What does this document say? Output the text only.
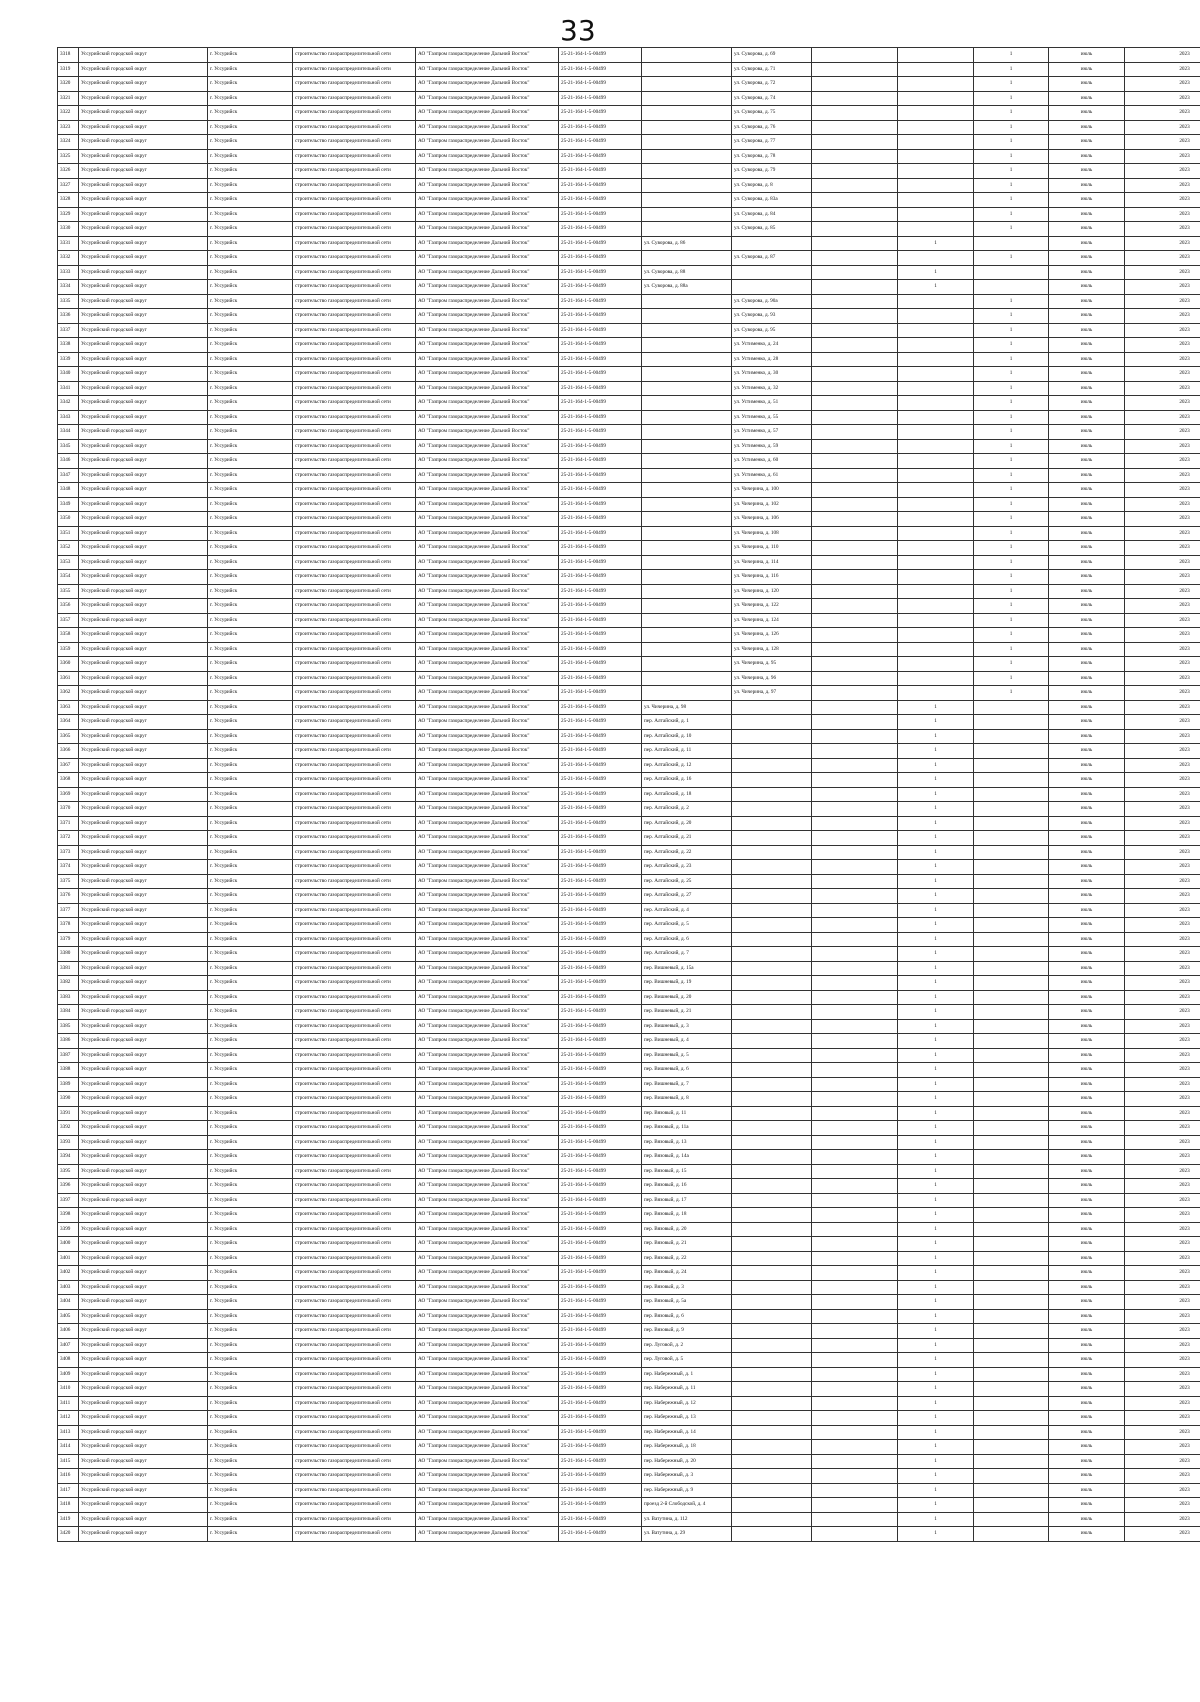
33
3318	Уссурийский городской округ	г. Уссурийск	строительство газораспределительной сети	АО "Газпром газораспределение Дальний Восток"	25-21-164-1-5-00499		ул. Суворова, д. 69			1	июль	2023
3319	Уссурийский городской округ	г. Уссурийск	строительство газораспределительной сети	АО "Газпром газораспределение Дальний Восток"	25-21-164-1-5-00499		ул. Суворова, д. 71			1	июль	2023
3320	Уссурийский городской округ	г. Уссурийск	строительство газораспределительной сети	АО "Газпром газораспределение Дальний Восток"	25-21-164-1-5-00499		ул. Суворова, д. 72			1	июль	2023
3321	Уссурийский городской округ	г. Уссурийск	строительство газораспределительной сети	АО "Газпром газораспределение Дальний Восток"	25-21-164-1-5-00499		ул. Суворова, д. 74			1	июль	2023
3322	Уссурийский городской округ	г. Уссурийск	строительство газораспределительной сети	АО "Газпром газораспределение Дальний Восток"	25-21-164-1-5-00499		ул. Суворова, д. 75			1	июль	2023
3323	Уссурийский городской округ	г. Уссурийск	строительство газораспределительной сети	АО "Газпром газораспределение Дальний Восток"	25-21-164-1-5-00499		ул. Суворова, д. 76			1	июль	2023
3324	Уссурийский городской округ	г. Уссурийск	строительство газораспределительной сети	АО "Газпром газораспределение Дальний Восток"	25-21-164-1-5-00499		ул. Суворова, д. 77			1	июль	2023
3325	Уссурийский городской округ	г. Уссурийск	строительство газораспределительной сети	АО "Газпром газораспределение Дальний Восток"	25-21-164-1-5-00499		ул. Суворова, д. 78			1	июль	2023
3326	Уссурийский городской округ	г. Уссурийск	строительство газораспределительной сети	АО "Газпром газораспределение Дальний Восток"	25-21-164-1-5-00499		ул. Суворова, д. 79			1	июль	2023
3327	Уссурийский городской округ	г. Уссурийск	строительство газораспределительной сети	АО "Газпром газораспределение Дальний Восток"	25-21-164-1-5-00499		ул. Суворова, д. 8			1	июль	2023
3328	Уссурийский городской округ	г. Уссурийск	строительство газораспределительной сети	АО "Газпром газораспределение Дальний Восток"	25-21-164-1-5-00499		ул. Суворова, д. 83а			1	июль	2023
3329	Уссурийский городской округ	г. Уссурийск	строительство газораспределительной сети	АО "Газпром газораспределение Дальний Восток"	25-21-164-1-5-00499		ул. Суворова, д. 84			1	июль	2023
3330	Уссурийский городской округ	г. Уссурийск	строительство газораспределительной сети	АО "Газпром газораспределение Дальний Восток"	25-21-164-1-5-00499		ул. Суворова, д. 85			1	июль	2023
3331	Уссурийский городской округ	г. Уссурийск	строительство газораспределительной сети	АО "Газпром газораспределение Дальний Восток"	25-21-164-1-5-00499	ул. Суворова, д. 86			1		июль	2023
3332	Уссурийский городской округ	г. Уссурийск	строительство газораспределительной сети	АО "Газпром газораспределение Дальний Восток"	25-21-164-1-5-00499		ул. Суворова, д. 87			1	июль	2023
3333	Уссурийский городской округ	г. Уссурийск	строительство газораспределительной сети	АО "Газпром газораспределение Дальний Восток"	25-21-164-1-5-00499	ул. Суворова, д. 88			1		июль	2023
3334	Уссурийский городской округ	г. Уссурийск	строительство газораспределительной сети	АО "Газпром газораспределение Дальний Восток"	25-21-164-1-5-00499	ул. Суворова, д. 88а			1		июль	2023
3335	Уссурийский городской округ	г. Уссурийск	строительство газораспределительной сети	АО "Газпром газораспределение Дальний Восток"	25-21-164-1-5-00499		ул. Суворова, д. 90а			1	июль	2023
3336	Уссурийский городской округ	г. Уссурийск	строительство газораспределительной сети	АО "Газпром газораспределение Дальний Восток"	25-21-164-1-5-00499		ул. Суворова, д. 93			1	июль	2023
3337	Уссурийский городской округ	г. Уссурийск	строительство газораспределительной сети	АО "Газпром газораспределение Дальний Восток"	25-21-164-1-5-00499		ул. Суворова, д. 95			1	июль	2023
3338	Уссурийский городской округ	г. Уссурийск	строительство газораспределительной сети	АО "Газпром газораспределение Дальний Восток"	25-21-164-1-5-00499		ул. Устименко, д. 24			1	июль	2023
3339	Уссурийский городской округ	г. Уссурийск	строительство газораспределительной сети	АО "Газпром газораспределение Дальний Восток"	25-21-164-1-5-00499		ул. Устименко, д. 28			1	июль	2023
3340	Уссурийский городской округ	г. Уссурийск	строительство газораспределительной сети	АО "Газпром газораспределение Дальний Восток"	25-21-164-1-5-00499		ул. Устименко, д. 30			1	июль	2023
3341	Уссурийский городской округ	г. Уссурийск	строительство газораспределительной сети	АО "Газпром газораспределение Дальний Восток"	25-21-164-1-5-00499		ул. Устименко, д. 32			1	июль	2023
3342	Уссурийский городской округ	г. Уссурийск	строительство газораспределительной сети	АО "Газпром газораспределение Дальний Восток"	25-21-164-1-5-00499		ул. Устименко, д. 51			1	июль	2023
3343	Уссурийский городской округ	г. Уссурийск	строительство газораспределительной сети	АО "Газпром газораспределение Дальний Восток"	25-21-164-1-5-00499		ул. Устименко, д. 55			1	июль	2023
3344	Уссурийский городской округ	г. Уссурийск	строительство газораспределительной сети	АО "Газпром газораспределение Дальний Восток"	25-21-164-1-5-00499		ул. Устименко, д. 57			1	июль	2023
3345	Уссурийский городской округ	г. Уссурийск	строительство газораспределительной сети	АО "Газпром газораспределение Дальний Восток"	25-21-164-1-5-00499		ул. Устименко, д. 59			1	июль	2023
3346	Уссурийский городской округ	г. Уссурийск	строительство газораспределительной сети	АО "Газпром газораспределение Дальний Восток"	25-21-164-1-5-00499		ул. Устименко, д. 60			1	июль	2023
3347	Уссурийский городской округ	г. Уссурийск	строительство газораспределительной сети	АО "Газпром газораспределение Дальний Восток"	25-21-164-1-5-00499		ул. Устименко, д. 61			1	июль	2023
3348	Уссурийский городской округ	г. Уссурийск	строительство газораспределительной сети	АО "Газпром газораспределение Дальний Восток"	25-21-164-1-5-00499		ул. Чичерина, д. 100			1	июль	2023
3349	Уссурийский городской округ	г. Уссурийск	строительство газораспределительной сети	АО "Газпром газораспределение Дальний Восток"	25-21-164-1-5-00499		ул. Чичерина, д. 102			1	июль	2023
3350	Уссурийский городской округ	г. Уссурийск	строительство газораспределительной сети	АО "Газпром газораспределение Дальний Восток"	25-21-164-1-5-00499		ул. Чичерина, д. 106			1	июль	2023
3351	Уссурийский городской округ	г. Уссурийск	строительство газораспределительной сети	АО "Газпром газораспределение Дальний Восток"	25-21-164-1-5-00499		ул. Чичерина, д. 108			1	июль	2023
3352	Уссурийский городской округ	г. Уссурийск	строительство газораспределительной сети	АО "Газпром газораспределение Дальний Восток"	25-21-164-1-5-00499		ул. Чичерина, д. 110			1	июль	2023
3353	Уссурийский городской округ	г. Уссурийск	строительство газораспределительной сети	АО "Газпром газораспределение Дальний Восток"	25-21-164-1-5-00499		ул. Чичерина, д. 114			1	июль	2023
3354	Уссурийский городской округ	г. Уссурийск	строительство газораспределительной сети	АО "Газпром газораспределение Дальний Восток"	25-21-164-1-5-00499		ул. Чичерина, д. 116			1	июль	2023
3355	Уссурийский городской округ	г. Уссурийск	строительство газораспределительной сети	АО "Газпром газораспределение Дальний Восток"	25-21-164-1-5-00499		ул. Чичерина, д. 120			1	июль	2023
3356	Уссурийский городской округ	г. Уссурийск	строительство газораспределительной сети	АО "Газпром газораспределение Дальний Восток"	25-21-164-1-5-00499		ул. Чичерина, д. 122			1	июль	2023
3357	Уссурийский городской округ	г. Уссурийск	строительство газораспределительной сети	АО "Газпром газораспределение Дальний Восток"	25-21-164-1-5-00499		ул. Чичерина, д. 124			1	июль	2023
3358	Уссурийский городской округ	г. Уссурийск	строительство газораспределительной сети	АО "Газпром газораспределение Дальний Восток"	25-21-164-1-5-00499		ул. Чичерина, д. 126			1	июль	2023
3359	Уссурийский городской округ	г. Уссурийск	строительство газораспределительной сети	АО "Газпром газораспределение Дальний Восток"	25-21-164-1-5-00499		ул. Чичерина, д. 128			1	июль	2023
3360	Уссурийский городской округ	г. Уссурийск	строительство газораспределительной сети	АО "Газпром газораспределение Дальний Восток"	25-21-164-1-5-00499		ул. Чичерина, д. 95			1	июль	2023
3361	Уссурийский городской округ	г. Уссурийск	строительство газораспределительной сети	АО "Газпром газораспределение Дальний Восток"	25-21-164-1-5-00499		ул. Чичерина, д. 96			1	июль	2023
3362	Уссурийский городской округ	г. Уссурийск	строительство газораспределительной сети	АО "Газпром газораспределение Дальний Восток"	25-21-164-1-5-00499		ул. Чичерина, д. 97			1	июль	2023
3363	Уссурийский городской округ	г. Уссурийск	строительство газораспределительной сети	АО "Газпром газораспределение Дальний Восток"	25-21-164-1-5-00499	ул. Чичерина, д. 98			1		июль	2023
3364	Уссурийский городской округ	г. Уссурийск	строительство газораспределительной сети	АО "Газпром газораспределение Дальний Восток"	25-21-164-1-5-00499	пер. Алтайский, д. 1			1		июль	2023
3365	Уссурийский городской округ	г. Уссурийск	строительство газораспределительной сети	АО "Газпром газораспределение Дальний Восток"	25-21-164-1-5-00499	пер. Алтайский, д. 10			1		июль	2023
3366	Уссурийский городской округ	г. Уссурийск	строительство газораспределительной сети	АО "Газпром газораспределение Дальний Восток"	25-21-164-1-5-00499	пер. Алтайский, д. 11			1		июль	2023
3367	Уссурийский городской округ	г. Уссурийск	строительство газораспределительной сети	АО "Газпром газораспределение Дальний Восток"	25-21-164-1-5-00499	пер. Алтайский, д. 12			1		июль	2023
3368	Уссурийский городской округ	г. Уссурийск	строительство газораспределительной сети	АО "Газпром газораспределение Дальний Восток"	25-21-164-1-5-00499	пер. Алтайский, д. 16			1		июль	2023
3369	Уссурийский городской округ	г. Уссурийск	строительство газораспределительной сети	АО "Газпром газораспределение Дальний Восток"	25-21-164-1-5-00499	пер. Алтайский, д. 18			1		июль	2023
3370	Уссурийский городской округ	г. Уссурийск	строительство газораспределительной сети	АО "Газпром газораспределение Дальний Восток"	25-21-164-1-5-00499	пер. Алтайский, д. 2			1		июль	2023
3371	Уссурийский городской округ	г. Уссурийск	строительство газораспределительной сети	АО "Газпром газораспределение Дальний Восток"	25-21-164-1-5-00499	пер. Алтайский, д. 20			1		июль	2023
3372	Уссурийский городской округ	г. Уссурийск	строительство газораспределительной сети	АО "Газпром газораспределение Дальний Восток"	25-21-164-1-5-00499	пер. Алтайский, д. 21			1		июль	2023
3373	Уссурийский городской округ	г. Уссурийск	строительство газораспределительной сети	АО "Газпром газораспределение Дальний Восток"	25-21-164-1-5-00499	пер. Алтайский, д. 22			1		июль	2023
3374	Уссурийский городской округ	г. Уссурийск	строительство газораспределительной сети	АО "Газпром газораспределение Дальний Восток"	25-21-164-1-5-00499	пер. Алтайский, д. 23			1		июль	2023
3375	Уссурийский городской округ	г. Уссурийск	строительство газораспределительной сети	АО "Газпром газораспределение Дальний Восток"	25-21-164-1-5-00499	пер. Алтайский, д. 25			1		июль	2023
3376	Уссурийский городской округ	г. Уссурийск	строительство газораспределительной сети	АО "Газпром газораспределение Дальний Восток"	25-21-164-1-5-00499	пер. Алтайский, д. 27			1		июль	2023
3377	Уссурийский городской округ	г. Уссурийск	строительство газораспределительной сети	АО "Газпром газораспределение Дальний Восток"	25-21-164-1-5-00499	пер. Алтайский, д. 4			1		июль	2023
3378	Уссурийский городской округ	г. Уссурийск	строительство газораспределительной сети	АО "Газпром газораспределение Дальний Восток"	25-21-164-1-5-00499	пер. Алтайский, д. 5			1		июль	2023
3379	Уссурийский городской округ	г. Уссурийск	строительство газораспределительной сети	АО "Газпром газораспределение Дальний Восток"	25-21-164-1-5-00499	пер. Алтайский, д. 6			1		июль	2023
3380	Уссурийский городской округ	г. Уссурийск	строительство газораспределительной сети	АО "Газпром газораспределение Дальний Восток"	25-21-164-1-5-00499	пер. Алтайский, д. 7			1		июль	2023
3381	Уссурийский городской округ	г. Уссурийск	строительство газораспределительной сети	АО "Газпром газораспределение Дальний Восток"	25-21-164-1-5-00499	пер. Вишневый, д. 15а			1		июль	2023
3382	Уссурийский городской округ	г. Уссурийск	строительство газораспределительной сети	АО "Газпром газораспределение Дальний Восток"	25-21-164-1-5-00499	пер. Вишневый, д. 19			1		июль	2023
3383	Уссурийский городской округ	г. Уссурийск	строительство газораспределительной сети	АО "Газпром газораспределение Дальний Восток"	25-21-164-1-5-00499	пер. Вишневый, д. 20			1		июль	2023
3384	Уссурийский городской округ	г. Уссурийск	строительство газораспределительной сети	АО "Газпром газораспределение Дальний Восток"	25-21-164-1-5-00499	пер. Вишневый, д. 21			1		июль	2023
3385	Уссурийский городской округ	г. Уссурийск	строительство газораспределительной сети	АО "Газпром газораспределение Дальний Восток"	25-21-164-1-5-00499	пер. Вишневый, д. 3			1		июль	2023
3386	Уссурийский городской округ	г. Уссурийск	строительство газораспределительной сети	АО "Газпром газораспределение Дальний Восток"	25-21-164-1-5-00499	пер. Вишневый, д. 4			1		июль	2023
3387	Уссурийский городской округ	г. Уссурийск	строительство газораспределительной сети	АО "Газпром газораспределение Дальний Восток"	25-21-164-1-5-00499	пер. Вишневый, д. 5			1		июль	2023
3388	Уссурийский городской округ	г. Уссурийск	строительство газораспределительной сети	АО "Газпром газораспределение Дальний Восток"	25-21-164-1-5-00499	пер. Вишневый, д. 6			1		июль	2023
3389	Уссурийский городской округ	г. Уссурийск	строительство газораспределительной сети	АО "Газпром газораспределение Дальний Восток"	25-21-164-1-5-00499	пер. Вишневый, д. 7			1		июль	2023
3390	Уссурийский городской округ	г. Уссурийск	строительство газораспределительной сети	АО "Газпром газораспределение Дальний Восток"	25-21-164-1-5-00499	пер. Вишневый, д. 8			1		июль	2023
3391	Уссурийский городской округ	г. Уссурийск	строительство газораспределительной сети	АО "Газпром газораспределение Дальний Восток"	25-21-164-1-5-00499	пер. Вязовый, д. 11			1		июль	2023
3392	Уссурийский городской округ	г. Уссурийск	строительство газораспределительной сети	АО "Газпром газораспределение Дальний Восток"	25-21-164-1-5-00499	пер. Вязовый, д. 11а			1		июль	2023
3393	Уссурийский городской округ	г. Уссурийск	строительство газораспределительной сети	АО "Газпром газораспределение Дальний Восток"	25-21-164-1-5-00499	пер. Вязовый, д. 13			1		июль	2023
3394	Уссурийский городской округ	г. Уссурийск	строительство газораспределительной сети	АО "Газпром газораспределение Дальний Восток"	25-21-164-1-5-00499	пер. Вязовый, д. 14а			1		июль	2023
3395	Уссурийский городской округ	г. Уссурийск	строительство газораспределительной сети	АО "Газпром газораспределение Дальний Восток"	25-21-164-1-5-00499	пер. Вязовый, д. 15			1		июль	2023
3396	Уссурийский городской округ	г. Уссурийск	строительство газораспределительной сети	АО "Газпром газораспределение Дальний Восток"	25-21-164-1-5-00499	пер. Вязовый, д. 16			1		июль	2023
3397	Уссурийский городской округ	г. Уссурийск	строительство газораспределительной сети	АО "Газпром газораспределение Дальний Восток"	25-21-164-1-5-00499	пер. Вязовый, д. 17			1		июль	2023
3398	Уссурийский городской округ	г. Уссурийск	строительство газораспределительной сети	АО "Газпром газораспределение Дальний Восток"	25-21-164-1-5-00499	пер. Вязовый, д. 18			1		июль	2023
3399	Уссурийский городской округ	г. Уссурийск	строительство газораспределительной сети	АО "Газпром газораспределение Дальний Восток"	25-21-164-1-5-00499	пер. Вязовый, д. 20			1		июль	2023
3400	Уссурийский городской округ	г. Уссурийск	строительство газораспределительной сети	АО "Газпром газораспределение Дальний Восток"	25-21-164-1-5-00499	пер. Вязовый, д. 21			1		июль	2023
3401	Уссурийский городской округ	г. Уссурийск	строительство газораспределительной сети	АО "Газпром газораспределение Дальний Восток"	25-21-164-1-5-00499	пер. Вязовый, д. 22			1		июль	2023
3402	Уссурийский городской округ	г. Уссурийск	строительство газораспределительной сети	АО "Газпром газораспределение Дальний Восток"	25-21-164-1-5-00499	пер. Вязовый, д. 24			1		июль	2023
3403	Уссурийский городской округ	г. Уссурийск	строительство газораспределительной сети	АО "Газпром газораспределение Дальний Восток"	25-21-164-1-5-00499	пер. Вязовый, д. 3			1		июль	2023
3404	Уссурийский городской округ	г. Уссурийск	строительство газораспределительной сети	АО "Газпром газораспределение Дальний Восток"	25-21-164-1-5-00499	пер. Вязовый, д. 5а			1		июль	2023
3405	Уссурийский городской округ	г. Уссурийск	строительство газораспределительной сети	АО "Газпром газораспределение Дальний Восток"	25-21-164-1-5-00499	пер. Вязовый, д. 6			1		июль	2023
3406	Уссурийский городской округ	г. Уссурийск	строительство газораспределительной сети	АО "Газпром газораспределение Дальний Восток"	25-21-164-1-5-00499	пер. Вязовый, д. 9			1		июль	2023
3407	Уссурийский городской округ	г. Уссурийск	строительство газораспределительной сети	АО "Газпром газораспределение Дальний Восток"	25-21-164-1-5-00499	пер. Луговой, д. 2			1		июль	2023
3408	Уссурийский городской округ	г. Уссурийск	строительство газораспределительной сети	АО "Газпром газораспределение Дальний Восток"	25-21-164-1-5-00499	пер. Луговой, д. 5			1		июль	2023
3409	Уссурийский городской округ	г. Уссурийск	строительство газораспределительной сети	АО "Газпром газораспределение Дальний Восток"	25-21-164-1-5-00499	пер. Набережный, д. 1			1		июль	2023
3410	Уссурийский городской округ	г. Уссурийск	строительство газораспределительной сети	АО "Газпром газораспределение Дальний Восток"	25-21-164-1-5-00499	пер. Набережный, д. 11			1		июль	2023
3411	Уссурийский городской округ	г. Уссурийск	строительство газораспределительной сети	АО "Газпром газораспределение Дальний Восток"	25-21-164-1-5-00499	пер. Набережный, д. 12			1		июль	2023
3412	Уссурийский городской округ	г. Уссурийск	строительство газораспределительной сети	АО "Газпром газораспределение Дальний Восток"	25-21-164-1-5-00499	пер. Набережный, д. 13			1		июль	2023
3413	Уссурийский городской округ	г. Уссурийск	строительство газораспределительной сети	АО "Газпром газораспределение Дальний Восток"	25-21-164-1-5-00499	пер. Набережный, д. 14			1		июль	2023
3414	Уссурийский городской округ	г. Уссурийск	строительство газораспределительной сети	АО "Газпром газораспределение Дальний Восток"	25-21-164-1-5-00499	пер. Набережный, д. 18			1		июль	2023
3415	Уссурийский городской округ	г. Уссурийск	строительство газораспределительной сети	АО "Газпром газораспределение Дальний Восток"	25-21-164-1-5-00499	пер. Набережный, д. 20			1		июль	2023
3416	Уссурийский городской округ	г. Уссурийск	строительство газораспределительной сети	АО "Газпром газораспределение Дальний Восток"	25-21-164-1-5-00499	пер. Набережный, д. 3			1		июль	2023
3417	Уссурийский городской округ	г. Уссурийск	строительство газораспределительной сети	АО "Газпром газораспределение Дальний Восток"	25-21-164-1-5-00499	пер. Набережный, д. 9			1		июль	2023
3418	Уссурийский городской округ	г. Уссурийск	строительство газораспределительной сети	АО "Газпром газораспределение Дальний Восток"	25-21-164-1-5-00499	проезд 2-й Слободской, д. 4			1		июль	2023
3419	Уссурийский городской округ	г. Уссурийск	строительство газораспределительной сети	АО "Газпром газораспределение Дальний Восток"	25-21-164-1-5-00499	ул. Ватутина, д. 112			1		июль	2023
3420	Уссурийский городской округ	г. Уссурийск	строительство газораспределительной сети	АО "Газпром газораспределение Дальний Восток"	25-21-164-1-5-00499	ул. Ватутина, д. 29			1		июль	2023
